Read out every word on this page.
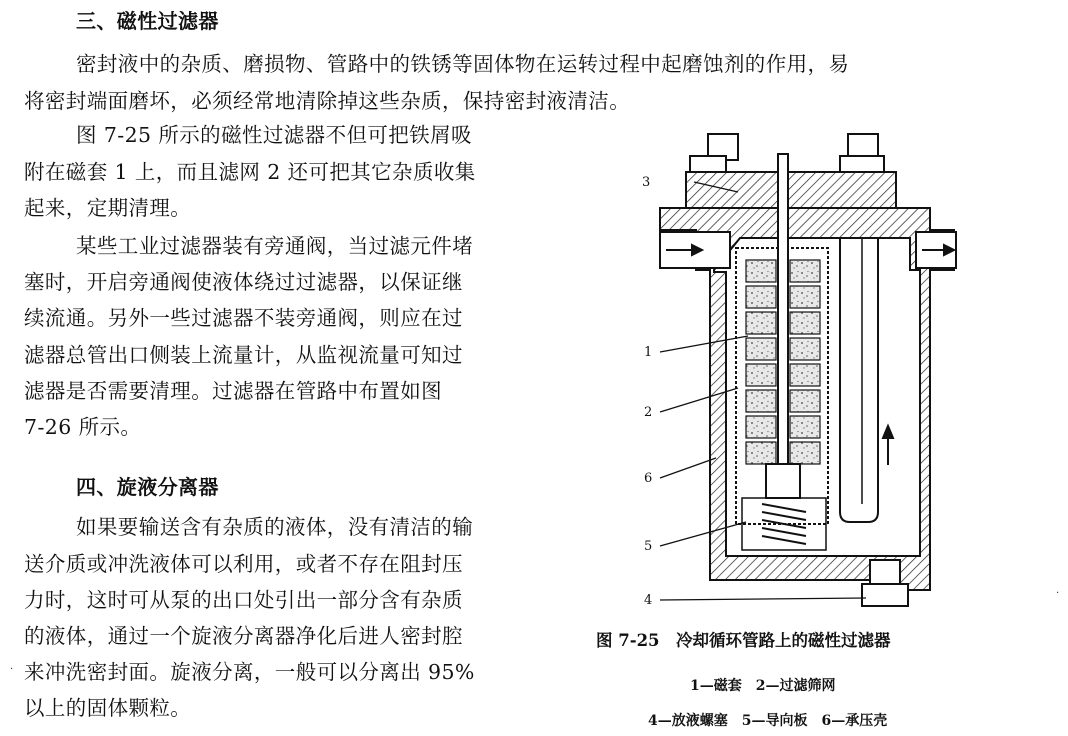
三、磁性过滤器
密封液中的杂质、磨损物、管路中的铁锈等固体物在运转过程中起磨蚀剂的作用，易
将密封端面磨坏，必须经常地清除掉这些杂质，保持密封液清洁。
图 7-25 所示的磁性过滤器不但可把铁屑吸
附在磁套 1 上，而且滤网 2 还可把其它杂质收集
起来，定期清理。
某些工业过滤器装有旁通阀，当过滤元件堵
塞时，开启旁通阀使液体绕过过滤器，以保证继
续流通。另外一些过滤器不装旁通阀，则应在过
滤器总管出口侧装上流量计，从监视流量可知过
滤器是否需要清理。过滤器在管路中布置如图
7-26 所示。
四、旋液分离器
如果要输送含有杂质的液体，没有清洁的输
送介质或冲洗液体可以利用，或者不存在阻封压
力时，这时可从泵的出口处引出一部分含有杂质
的液体，通过一个旋液分离器净化后进人密封腔
来冲洗密封面。旋液分离，一般可以分离出 95%
以上的固体颗粒。
·
·
3
1
2
6
5
4
图 7-25　冷却循环管路上的磁性过滤器
1—磁套　2—过滤筛网
4—放液螺塞　5—导向板　6—承压壳
